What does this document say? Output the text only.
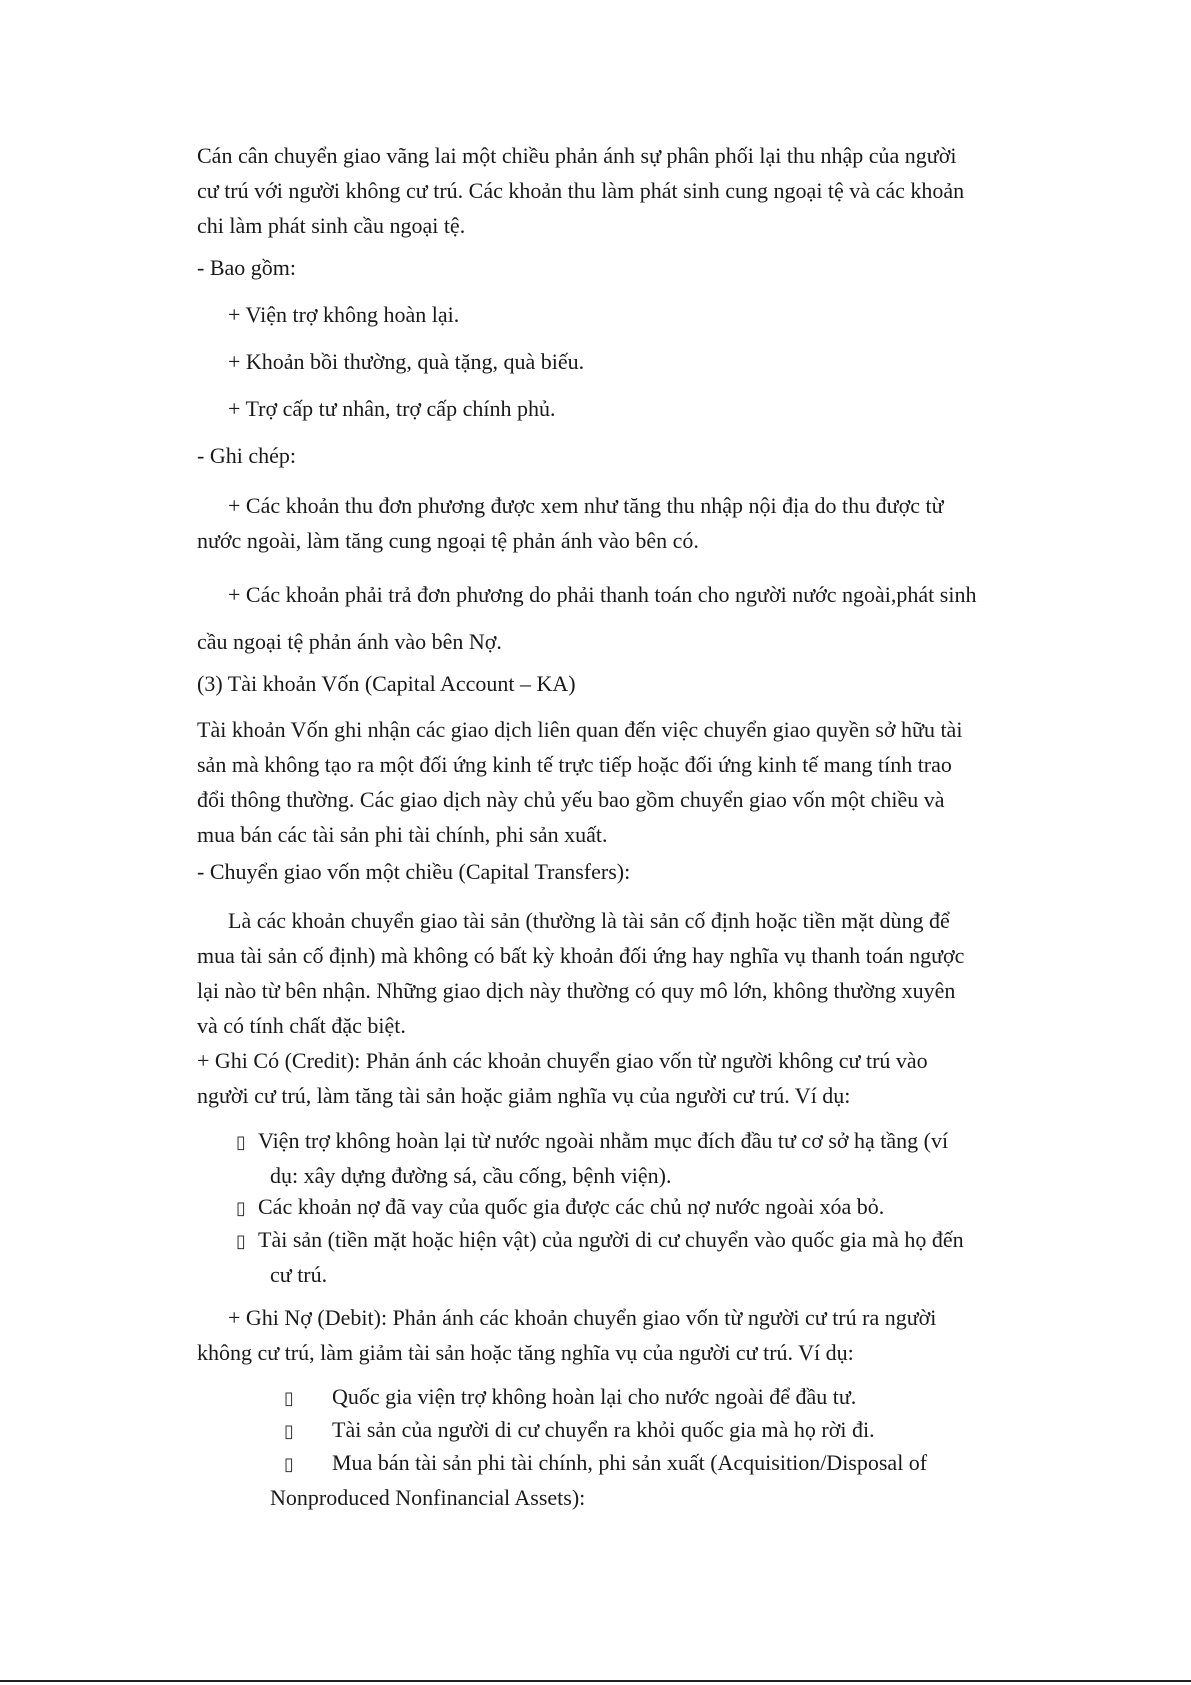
Cán cân chuyển giao vãng lai một chiều phản ánh sự phân phối lại thu nhập của người
cư trú với người không cư trú. Các khoản thu làm phát sinh cung ngoại tệ và các khoản
chi làm phát sinh cầu ngoại tệ.
- Bao gồm:
+ Viện trợ không hoàn lại.
+ Khoản bồi thường, quà tặng, quà biếu.
+ Trợ cấp tư nhân, trợ cấp chính phủ.
- Ghi chép:
+ Các khoản thu đơn phương được xem như tăng thu nhập nội địa do thu được từ
nước ngoài, làm tăng cung ngoại tệ phản ánh vào bên có.
+ Các khoản phải trả đơn phương do phải thanh toán cho người nước ngoài,phát sinh
cầu ngoại tệ phản ánh vào bên Nợ.
(3) Tài khoản Vốn (Capital Account – KA)
Tài khoản Vốn ghi nhận các giao dịch liên quan đến việc chuyển giao quyền sở hữu tài
sản mà không tạo ra một đối ứng kinh tế trực tiếp hoặc đối ứng kinh tế mang tính trao
đổi thông thường. Các giao dịch này chủ yếu bao gồm chuyển giao vốn một chiều và
mua bán các tài sản phi tài chính, phi sản xuất.
- Chuyển giao vốn một chiều (Capital Transfers):
Là các khoản chuyển giao tài sản (thường là tài sản cố định hoặc tiền mặt dùng để
mua tài sản cố định) mà không có bất kỳ khoản đối ứng hay nghĩa vụ thanh toán ngược
lại nào từ bên nhận. Những giao dịch này thường có quy mô lớn, không thường xuyên
và có tính chất đặc biệt.
+ Ghi Có (Credit): Phản ánh các khoản chuyển giao vốn từ người không cư trú vào
người cư trú, làm tăng tài sản hoặc giảm nghĩa vụ của người cư trú. Ví dụ:
▯ Viện trợ không hoàn lại từ nước ngoài nhằm mục đích đầu tư cơ sở hạ tầng (ví
dụ: xây dựng đường sá, cầu cống, bệnh viện).
▯ Các khoản nợ đã vay của quốc gia được các chủ nợ nước ngoài xóa bỏ.
▯ Tài sản (tiền mặt hoặc hiện vật) của người di cư chuyển vào quốc gia mà họ đến
cư trú.
+ Ghi Nợ (Debit): Phản ánh các khoản chuyển giao vốn từ người cư trú ra người
không cư trú, làm giảm tài sản hoặc tăng nghĩa vụ của người cư trú. Ví dụ:
▯ Quốc gia viện trợ không hoàn lại cho nước ngoài để đầu tư.
▯ Tài sản của người di cư chuyển ra khỏi quốc gia mà họ rời đi.
▯ Mua bán tài sản phi tài chính, phi sản xuất (Acquisition/Disposal of
Nonproduced Nonfinancial Assets):
